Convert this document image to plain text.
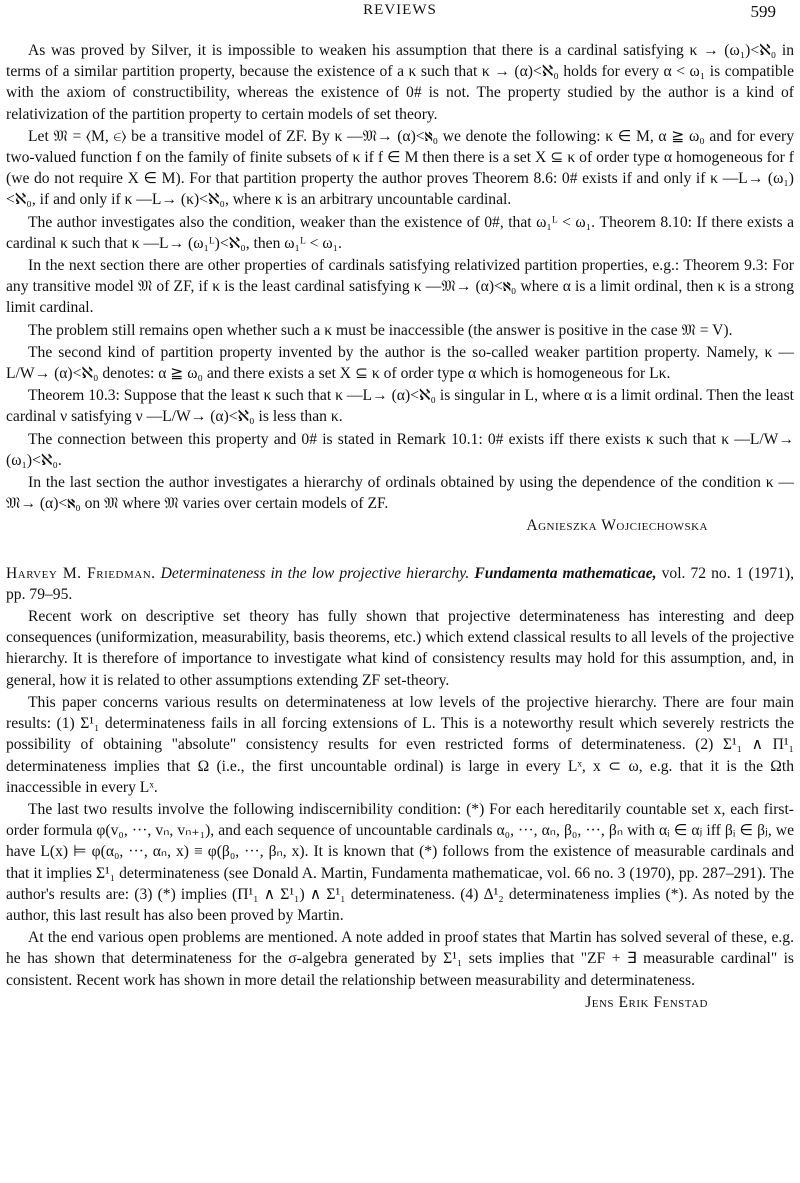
REVIEWS	599

As was proved by Silver, it is impossible to weaken his assumption that there is a cardinal satisfying κ → (ω₁)<ℵ₀ in terms of a similar partition property, because the existence of a κ such that κ → (α)<ℵ₀ holds for every α < ω₁ is compatible with the axiom of constructibility, whereas the existence of 0# is not. The property studied by the author is a kind of relativization of the partition property to certain models of set theory.

Let 𝔐 = ⟨M, ∈⟩ be a transitive model of ZF. By κ —𝔐→ (α)<ℵ₀ we denote the following: κ ∈ M, α ≧ ω₀ and for every two-valued function f on the family of finite subsets of κ if f ∈ M then there is a set X ⊆ κ of order type α homogeneous for f (we do not require X ∈ M). For that partition property the author proves Theorem 8.6: 0# exists if and only if κ —L→ (ω₁)<ℵ₀, if and only if κ —L→ (κ)<ℵ₀, where κ is an arbitrary uncountable cardinal.

The author investigates also the condition, weaker than the existence of 0#, that ω₁ᴸ < ω₁. Theorem 8.10: If there exists a cardinal κ such that κ —L→ (ω₁ᴸ)<ℵ₀, then ω₁ᴸ < ω₁.

In the next section there are other properties of cardinals satisfying relativized partition properties, e.g.: Theorem 9.3: For any transitive model 𝔐 of ZF, if κ is the least cardinal satisfying κ —𝔐→ (α)<ℵ₀ where α is a limit ordinal, then κ is a strong limit cardinal.

The problem still remains open whether such a κ must be inaccessible (the answer is positive in the case 𝔐 = V).

The second kind of partition property invented by the author is the so-called weaker partition property. Namely, κ —L/W→ (α)<ℵ₀ denotes: α ≧ ω₀ and there exists a set X ⊆ κ of order type α which is homogeneous for Lκ.

Theorem 10.3: Suppose that the least κ such that κ —L→ (α)<ℵ₀ is singular in L, where α is a limit ordinal. Then the least cardinal ν satisfying ν —L/W→ (α)<ℵ₀ is less than κ.

The connection between this property and 0# is stated in Remark 10.1: 0# exists iff there exists κ such that κ —L/W→ (ω₁)<ℵ₀.

In the last section the author investigates a hierarchy of ordinals obtained by using the dependence of the condition κ —𝔐→ (α)<ℵ₀ on 𝔐 where 𝔐 varies over certain models of ZF.

Agnieszka Wojciechowska

Harvey M. Friedman. Determinateness in the low projective hierarchy. Fundamenta mathematicae, vol. 72 no. 1 (1971), pp. 79–95.

Recent work on descriptive set theory has fully shown that projective determinateness has interesting and deep consequences (uniformization, measurability, basis theorems, etc.) which extend classical results to all levels of the projective hierarchy. It is therefore of importance to investigate what kind of consistency results may hold for this assumption, and, in general, how it is related to other assumptions extending ZF set-theory.

This paper concerns various results on determinateness at low levels of the projective hierarchy. There are four main results: (1) Σ¹₁ determinateness fails in all forcing extensions of L. This is a noteworthy result which severely restricts the possibility of obtaining "absolute" consistency results for even restricted forms of determinateness. (2) Σ¹₁ ∧ Π¹₁ determinateness implies that Ω (i.e., the first uncountable ordinal) is large in every Lˣ, x ⊂ ω, e.g. that it is the Ωth inaccessible in every Lˣ.

The last two results involve the following indiscernibility condition: (*) For each hereditarily countable set x, each first-order formula φ(v₀, ···, vₙ, vₙ₊₁), and each sequence of uncountable cardinals α₀, ···, αₙ, β₀, ···, βₙ with αᵢ ∈ αⱼ iff βᵢ ∈ βⱼ, we have L(x) ⊨ φ(α₀, ···, αₙ, x) ≡ φ(β₀, ···, βₙ, x). It is known that (*) follows from the existence of measurable cardinals and that it implies Σ¹₁ determinateness (see Donald A. Martin, Fundamenta mathematicae, vol. 66 no. 3 (1970), pp. 287–291). The author's results are: (3) (*) implies (Π¹₁ ∧ Σ¹₁) ∧ Σ¹₁ determinateness. (4) Δ¹₂ determinateness implies (*). As noted by the author, this last result has also been proved by Martin.

At the end various open problems are mentioned. A note added in proof states that Martin has solved several of these, e.g. he has shown that determinateness for the σ-algebra generated by Σ¹₁ sets implies that "ZF + ∃ measurable cardinal" is consistent. Recent work has shown in more detail the relationship between measurability and determinateness.

Jens Erik Fenstad
